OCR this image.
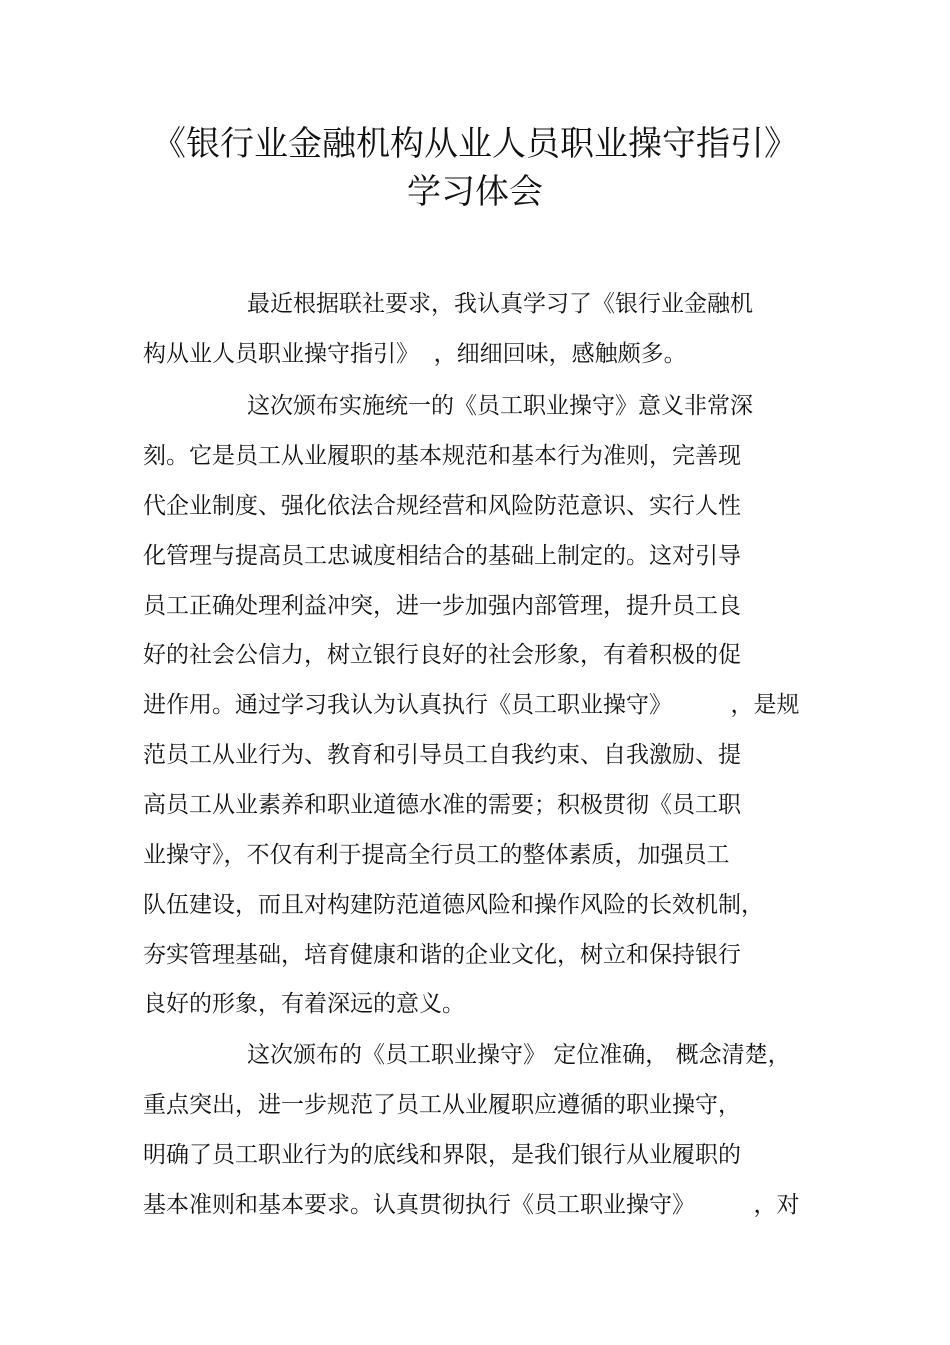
《银行业金融机构从业人员职业操守指引》
学习体会
最近根据联社要求，我认真学习了《银行业金融机
构从业人员职业操守指引》  ，细细回味，感触颇多。
这次颁布实施统一的《员工职业操守》意义非常深
刻。它是员工从业履职的基本规范和基本行为准则，完善现
代企业制度、强化依法合规经营和风险防范意识、实行人性
化管理与提高员工忠诚度相结合的基础上制定的。这对引导
员工正确处理利益冲突，进一步加强内部管理，提升员工良
好的社会公信力，树立银行良好的社会形象，有着积极的促
进作用。通过学习我认为认真执行《员工职业操守》        ，是规
范员工从业行为、教育和引导员工自我约束、自我激励、提
高员工从业素养和职业道德水准的需要；积极贯彻《员工职
业操守》，不仅有利于提高全行员工的整体素质，加强员工
队伍建设，而且对构建防范道德风险和操作风险的长效机制，
夯实管理基础，培育健康和谐的企业文化，树立和保持银行
良好的形象，有着深远的意义。
这次颁布的《员工职业操守》 定位准确， 概念清楚，
重点突出，进一步规范了员工从业履职应遵循的职业操守，
明确了员工职业行为的底线和界限，是我们银行从业履职的
基本准则和基本要求。认真贯彻执行《员工职业操守》        ，对
